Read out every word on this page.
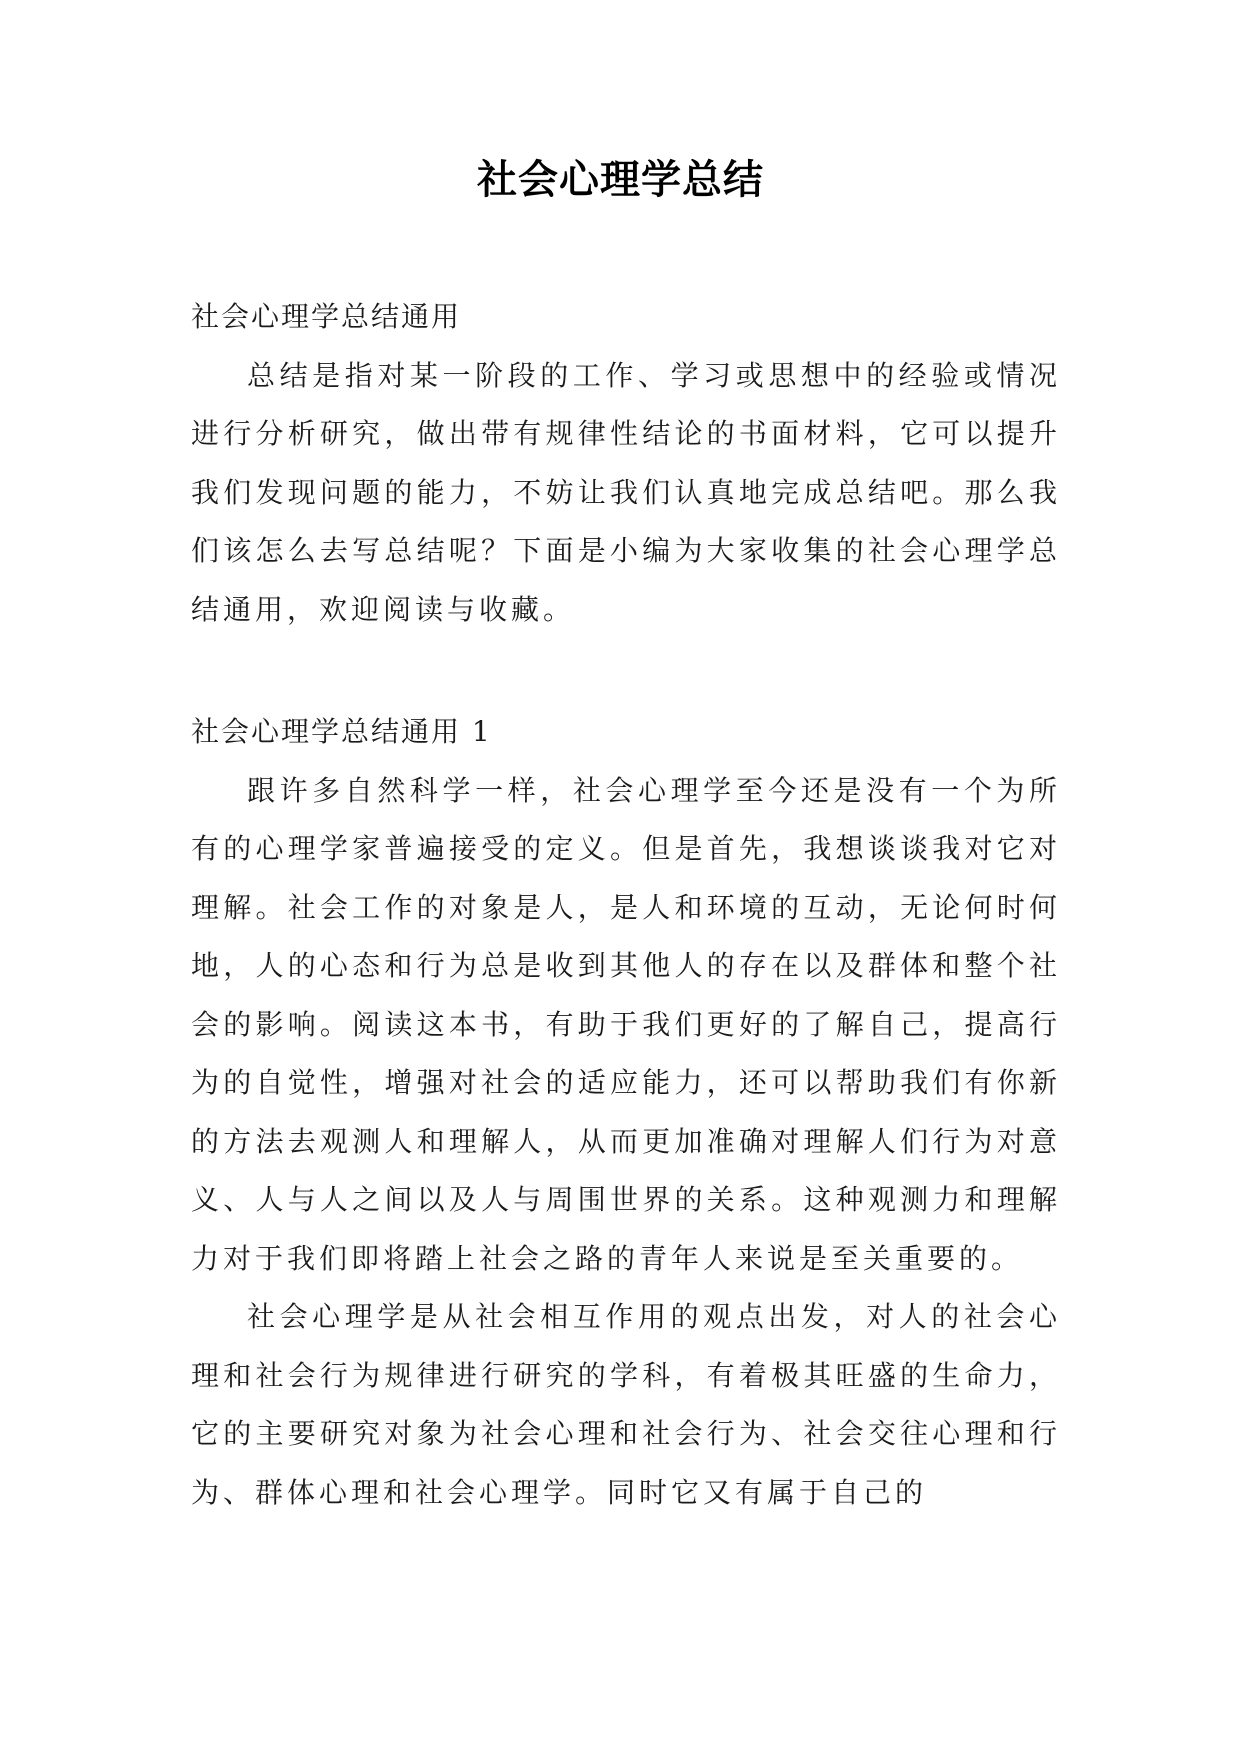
社会心理学总结

社会心理学总结通用

总结是指对某一阶段的工作、学习或思想中的经验或情况进行分析研究，做出带有规律性结论的书面材料，它可以提升我们发现问题的能力，不妨让我们认真地完成总结吧。那么我们该怎么去写总结呢？下面是小编为大家收集的社会心理学总结通用，欢迎阅读与收藏。

社会心理学总结通用 1

跟许多自然科学一样，社会心理学至今还是没有一个为所有的心理学家普遍接受的定义。但是首先，我想谈谈我对它对理解。社会工作的对象是人，是人和环境的互动，无论何时何地，人的心态和行为总是收到其他人的存在以及群体和整个社会的影响。阅读这本书，有助于我们更好的了解自己，提高行为的自觉性，增强对社会的适应能力，还可以帮助我们有你新的方法去观测人和理解人，从而更加准确对理解人们行为对意义、人与人之间以及人与周围世界的关系。这种观测力和理解力对于我们即将踏上社会之路的青年人来说是至关重要的。

社会心理学是从社会相互作用的观点出发，对人的社会心理和社会行为规律进行研究的学科，有着极其旺盛的生命力，它的主要研究对象为社会心理和社会行为、社会交往心理和行为、群体心理和社会心理学。同时它又有属于自己的
